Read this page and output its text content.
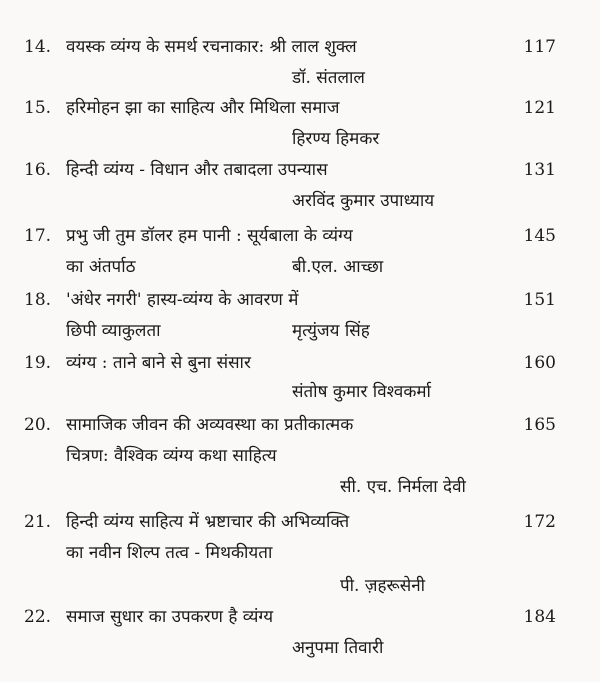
14. वयस्क व्यंग्य के समर्थ रचनाकार: श्री लाल शुक्ल	117
डॉ. संतलाल
15. हरिमोहन झा का साहित्य और मिथिला समाज	121
हिरण्य हिमकर
16. हिन्दी व्यंग्य - विधान और तबादला उपन्यास	131
अरविंद कुमार उपाध्याय
17. प्रभु जी तुम डॉलर हम पानी : सूर्यबाला के व्यंग्य	145
का अंतर्पाठ	बी.एल. आच्छा
18. 'अंधेर नगरी' हास्य-व्यंग्य के आवरण में	151
छिपी व्याकुलता	मृत्युंजय सिंह
19. व्यंग्य : ताने बाने से बुना संसार	160
संतोष कुमार विश्वकर्मा
20. सामाजिक जीवन की अव्यवस्था का प्रतीकात्मक	165
चित्रण: वैश्विक व्यंग्य कथा साहित्य
सी. एच. निर्मला देवी
21. हिन्दी व्यंग्य साहित्य में भ्रष्टाचार की अभिव्यक्ति	172
का नवीन शिल्प तत्व - मिथकीयता
पी. ज़हरूसेनी
22. समाज सुधार का उपकरण है व्यंग्य	184
अनुपमा तिवारी
